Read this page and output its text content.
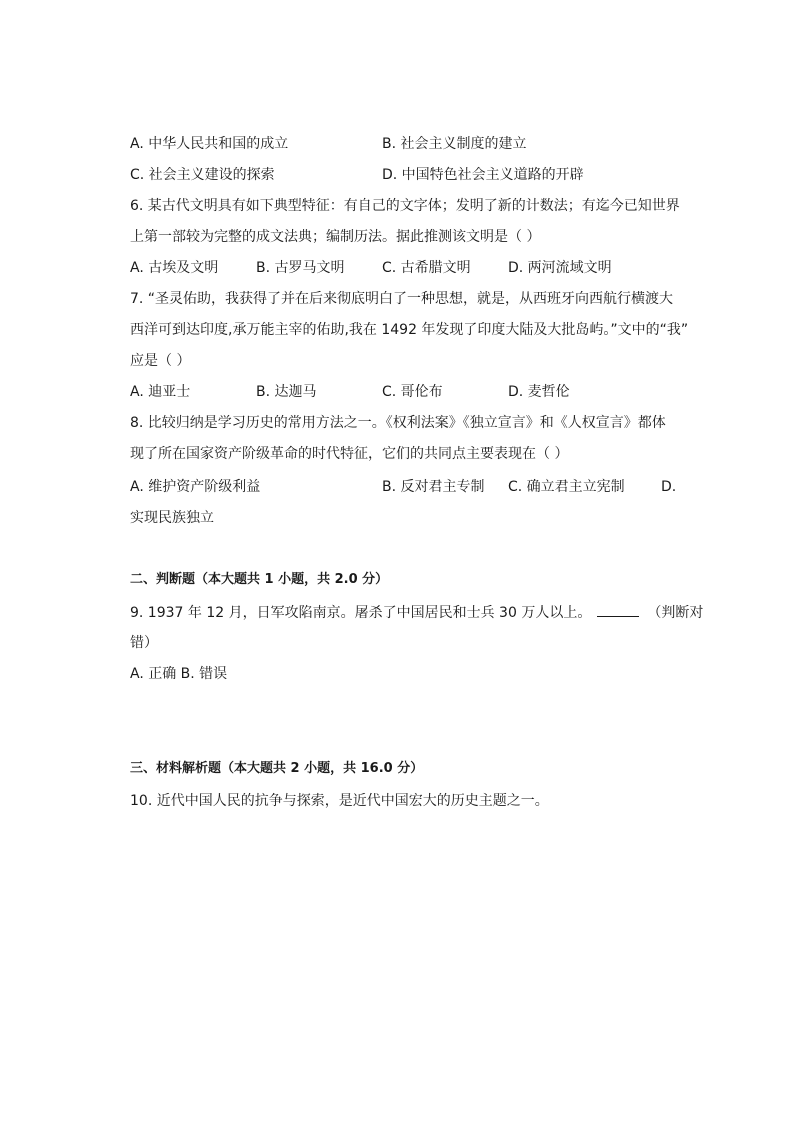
A. 中华人民共和国的成立	B. 社会主义制度的建立
C. 社会主义建设的探索	D. 中国特色社会主义道路的开辟
6. 某古代文明具有如下典型特征：有自己的文字体；发明了新的计数法；有迄今已知世界
上第一部较为完整的成文法典；编制历法。据此推测该文明是（ ）
A. 古埃及文明	B. 古罗马文明	C. 古希腊文明	D. 两河流域文明
7. “圣灵佑助，我获得了并在后来彻底明白了一种思想，就是，从西班牙向西航行横渡大
西洋可到达印度,承万能主宰的佑助,我在 1492 年发现了印度大陆及大批岛屿。”文中的“我”
应是（ ）
A. 迪亚士	B. 达迦马	C. 哥伦布	D. 麦哲伦
8. 比较归纳是学习历史的常用方法之一。《权利法案》《独立宣言》和《人权宣言》都体
现了所在国家资产阶级革命的时代特征，它们的共同点主要表现在（ ）
A. 维护资产阶级利益	B. 反对君主专制 C. 确立君主立宪制	D.
实现民族独立
二、判断题（本大题共 1 小题，共 2.0 分）
9. 1937 年 12 月，日军攻陷南京。屠杀了中国居民和士兵 30 万人以上。	（判断对
错）
A. 正确 B. 错误
三、材料解析题（本大题共 2 小题，共 16.0 分）
10. 近代中国人民的抗争与探索，是近代中国宏大的历史主题之一。
